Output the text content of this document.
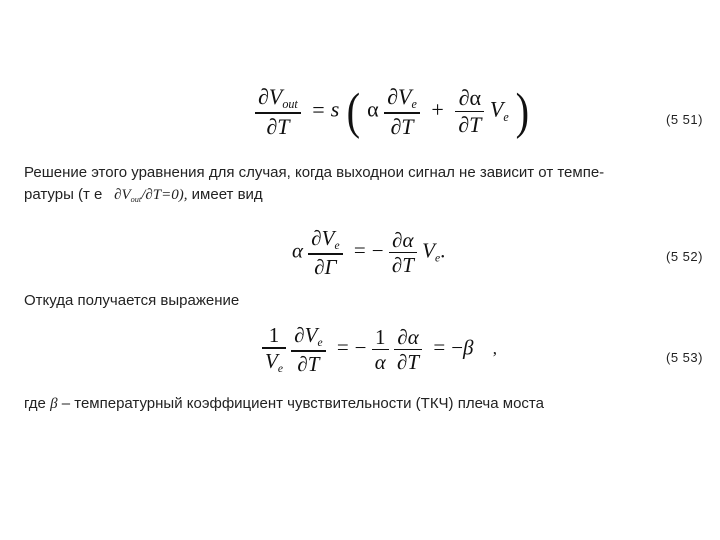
$\frac{\partial V_{out}}{\partial T} = s$ ( α $\frac{\partial V_e}{\partial T} + \frac{\partial\alpha}{\partial T} V_e$ )	(5 51)
Решение этого уравнения для случая, когда выходнои сигнал не зависит от темпе-
ратуры (т е $\partial V_{out}/\partial T=0$), имеет вид
α $\frac{\partial V_e}{\partial Г}$ = − $\frac{\partial\alpha}{\partial T} V_e$.	(5 52)
Откуда получается выражение
$\frac{1}{V_e}$
$\frac{\partial V_e}{\partial T}$ = − $\frac{1}{\alpha}$
$\frac{\partial\alpha}{\partial T} = -\beta$ ,	(5 53)
где β – температурный коэффициент чувствительности (ТКЧ) плеча моста
